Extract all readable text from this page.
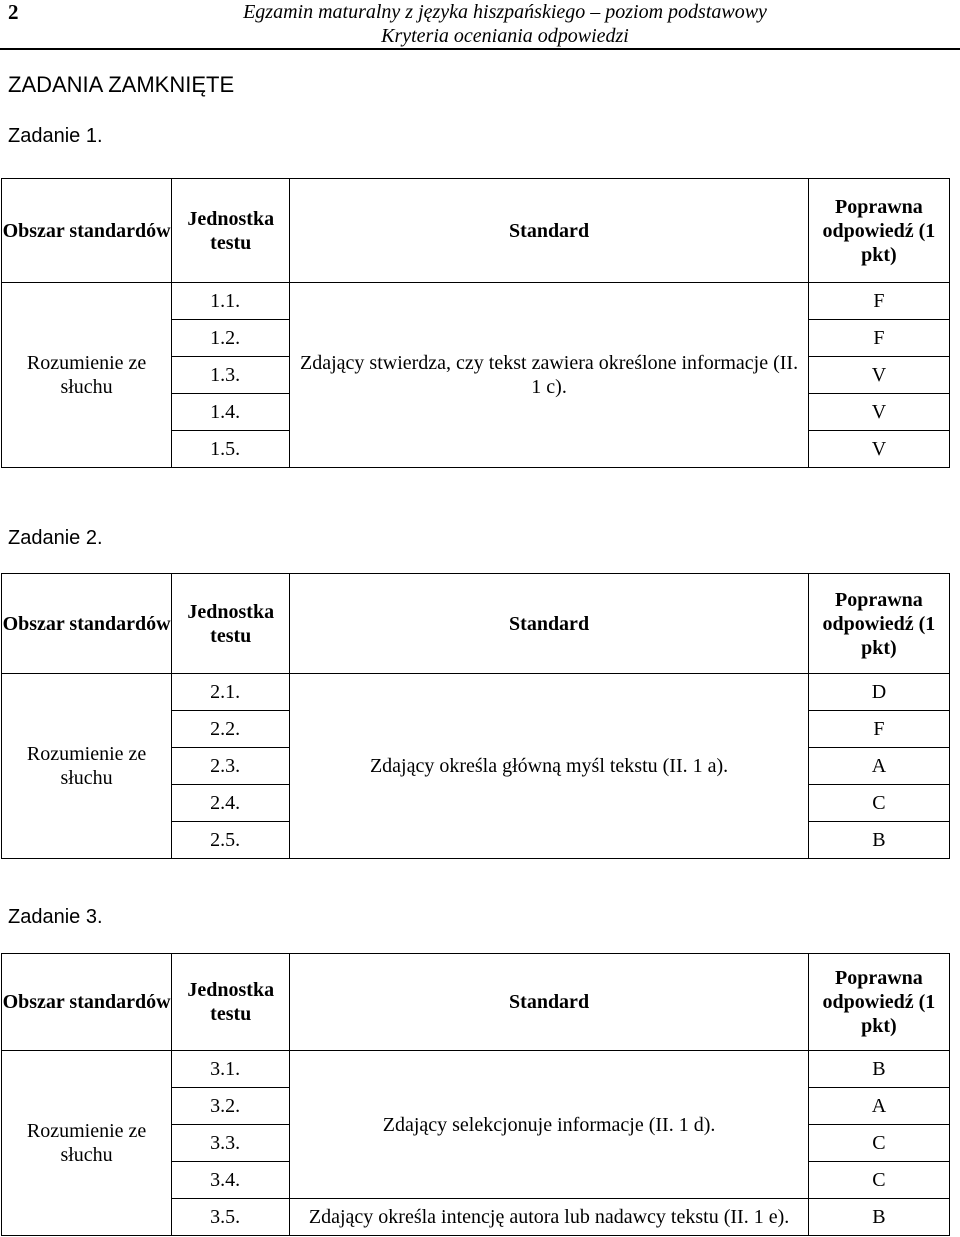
2	Egzamin maturalny z języka hiszpańskiego – poziom podstawowy
Kryteria oceniania odpowiedzi
ZADANIA ZAMKNIĘTE
Zadanie 1.
Obszar standardów	Jednostka testu	Standard	Poprawna odpowiedź (1 pkt)
Rozumienie ze słuchu	1.1.	Zdający stwierdza, czy tekst zawiera określone informacje (II. 1 c).	F
	1.2.		F
	1.3.		V
	1.4.		V
	1.5.		V
Zadanie 2.
Obszar standardów	Jednostka testu	Standard	Poprawna odpowiedź (1 pkt)
Rozumienie ze słuchu	2.1.	Zdający określa główną myśl tekstu (II. 1 a).	D
	2.2.		F
	2.3.		A
	2.4.		C
	2.5.		B
Zadanie 3.
Obszar standardów	Jednostka testu	Standard	Poprawna odpowiedź (1 pkt)
Rozumienie ze słuchu	3.1.	Zdający selekcjonuje informacje (II. 1 d).	B
	3.2.		A
	3.3.		C
	3.4.		C
	3.5.	Zdający określa intencję autora lub nadawcy tekstu (II. 1 e).	B
